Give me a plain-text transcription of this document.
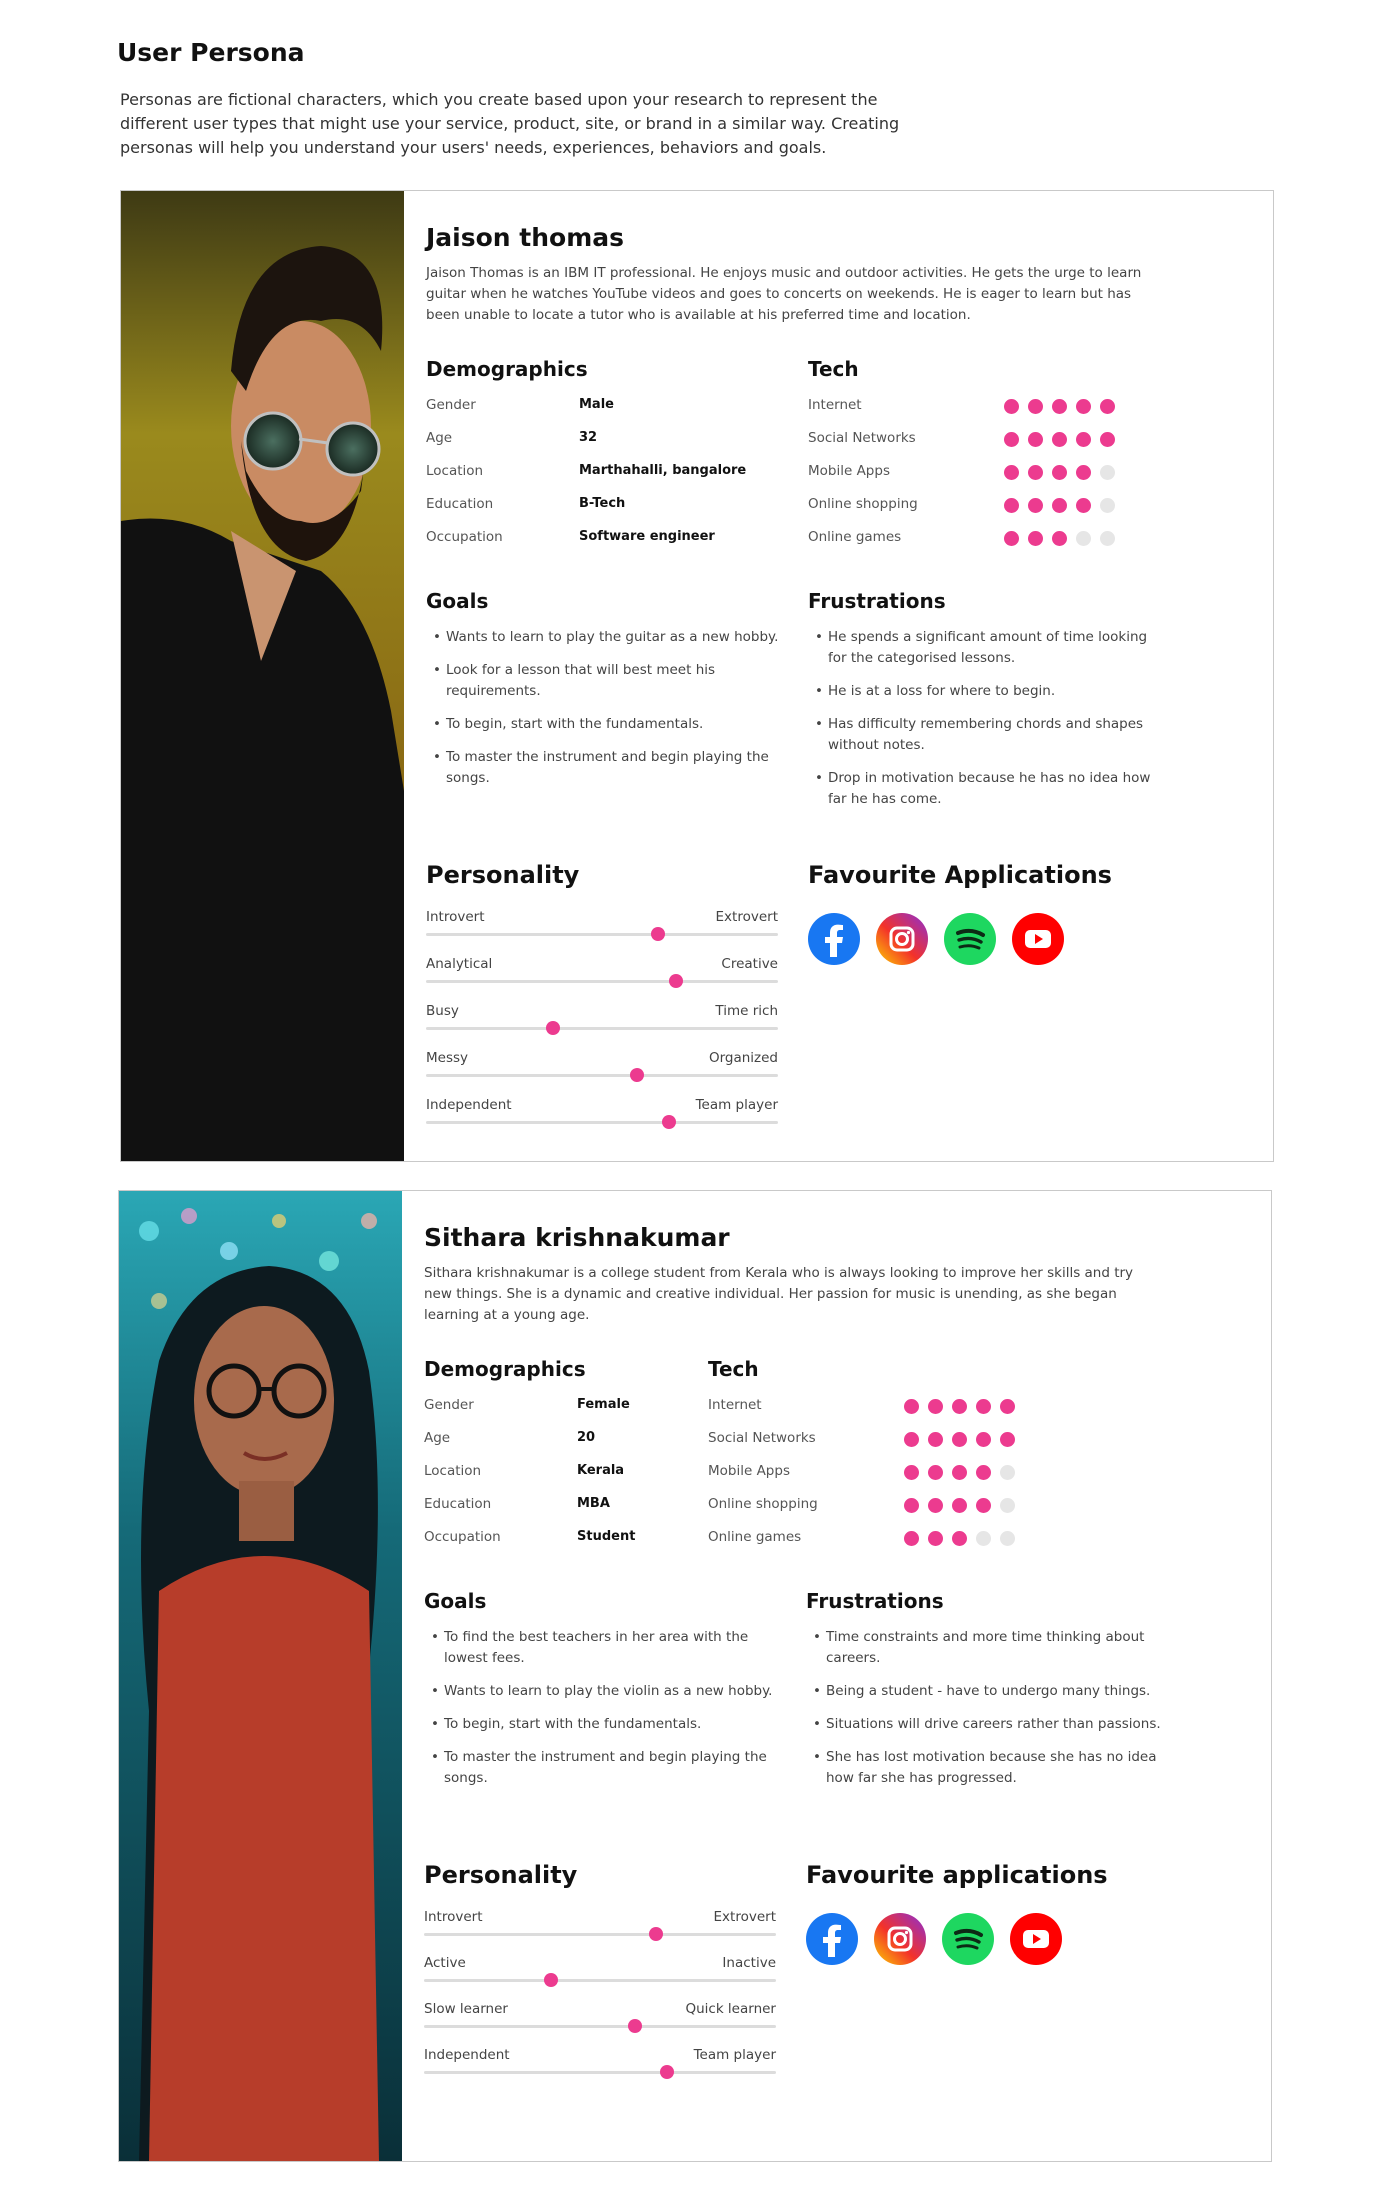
User Persona

Personas are fictional characters, which you create based upon your research to represent the different user types that might use your service, product, site, or brand in a similar way. Creating personas will help you understand your users' needs, experiences, behaviors and goals.

Jaison thomas

Jaison Thomas is an IBM IT professional. He enjoys music and outdoor activities. He gets the urge to learn guitar when he watches YouTube videos and goes to concerts on weekends. He is eager to learn but has been unable to locate a tutor who is available at his preferred time and location.

Demographics
Gender	Male
Age	32
Location	Marthahalli, bangalore
Education	B-Tech
Occupation	Software engineer
Tech
Internet
Social Networks
Mobile Apps
Online shopping
Online games
Goals
• Wants to learn to play the guitar as a new hobby.
• Look for a lesson that will best meet his requirements.
• To begin, start with the fundamentals.
• To master the instrument and begin playing the songs.
Frustrations
• He spends a significant amount of time looking for the categorised lessons.
• He is at a loss for where to begin.
• Has difficulty remembering chords and shapes without notes.
• Drop in motivation because he has no idea how far he has come.
Personality
Introvert	Extrovert
Analytical	Creative
Busy	Time rich
Messy	Organized
Independent	Team player
Favourite Applications
Sithara krishnakumar

Sithara krishnakumar is a college student from Kerala who is always looking to improve her skills and try new things. She is a dynamic and creative individual. Her passion for music is unending, as she began learning at a young age.

Demographics
Gender	Female
Age	20
Location	Kerala
Education	MBA
Occupation	Student
Tech
Internet
Social Networks
Mobile Apps
Online shopping
Online games
Goals
• To find the best teachers in her area with the lowest fees.
• Wants to learn to play the violin as a new hobby.
• To begin, start with the fundamentals.
• To master the instrument and begin playing the songs.
Frustrations
• Time constraints and more time thinking about careers.
• Being a student - have to undergo many things.
• Situations will drive careers rather than passions.
• She has lost motivation because she has no idea how far she has progressed.
Personality
Introvert	Extrovert
Active	Inactive
Slow learner	Quick learner
Independent	Team player
Favourite applications
